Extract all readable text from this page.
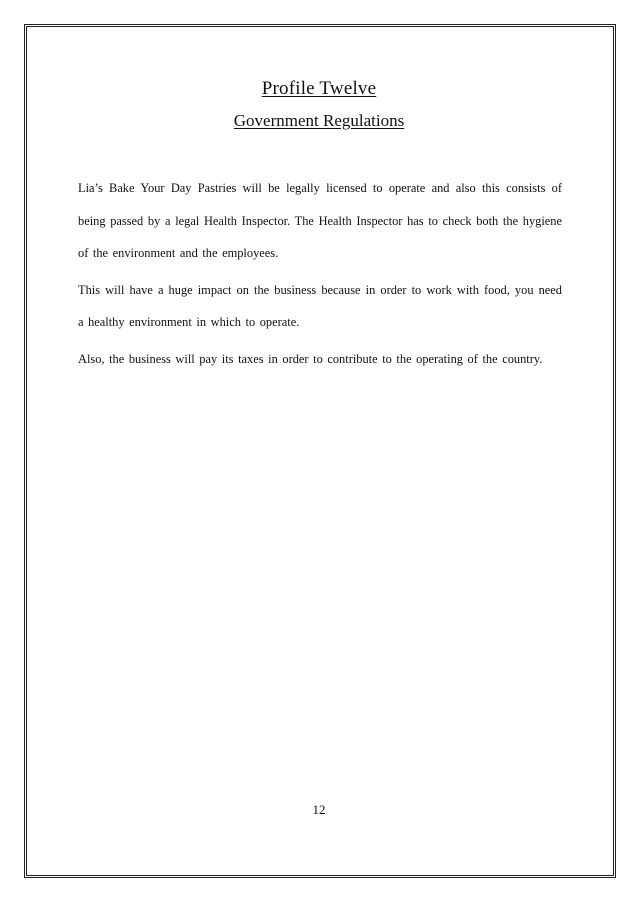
Profile Twelve
Government Regulations

Lia’s Bake Your Day Pastries will be legally licensed to operate and also this consists of being passed by a legal Health Inspector. The Health Inspector has to check both the hygiene of the environment and the employees.

This will have a huge impact on the business because in order to work with food, you need a healthy environment in which to operate.

Also, the business will pay its taxes in order to contribute to the operating of the country.

12
